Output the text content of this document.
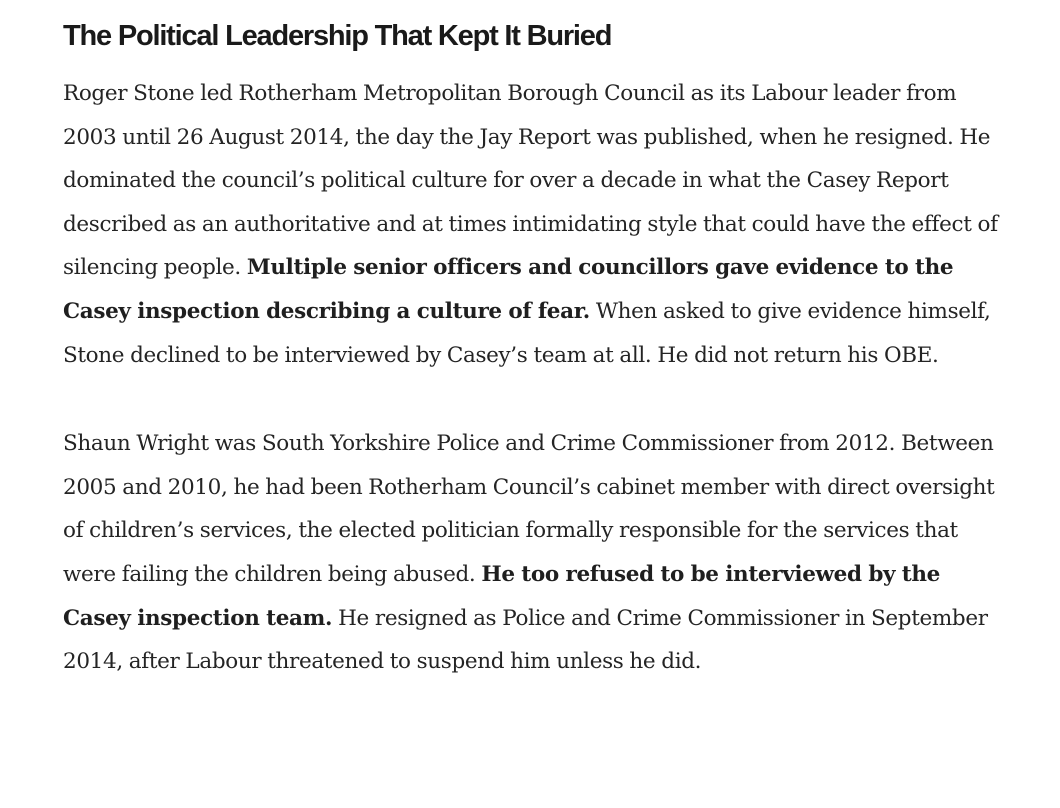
The Political Leadership That Kept It Buried

Roger Stone led Rotherham Metropolitan Borough Council as its Labour leader from 2003 until 26 August 2014, the day the Jay Report was published, when he resigned. He dominated the council’s political culture for over a decade in what the Casey Report described as an authoritative and at times intimidating style that could have the effect of silencing people. Multiple senior officers and councillors gave evidence to the Casey inspection describing a culture of fear. When asked to give evidence himself, Stone declined to be interviewed by Casey’s team at all. He did not return his OBE.

Shaun Wright was South Yorkshire Police and Crime Commissioner from 2012. Between 2005 and 2010, he had been Rotherham Council’s cabinet member with direct oversight of children’s services, the elected politician formally responsible for the services that were failing the children being abused. He too refused to be interviewed by the Casey inspection team. He resigned as Police and Crime Commissioner in September 2014, after Labour threatened to suspend him unless he did.
